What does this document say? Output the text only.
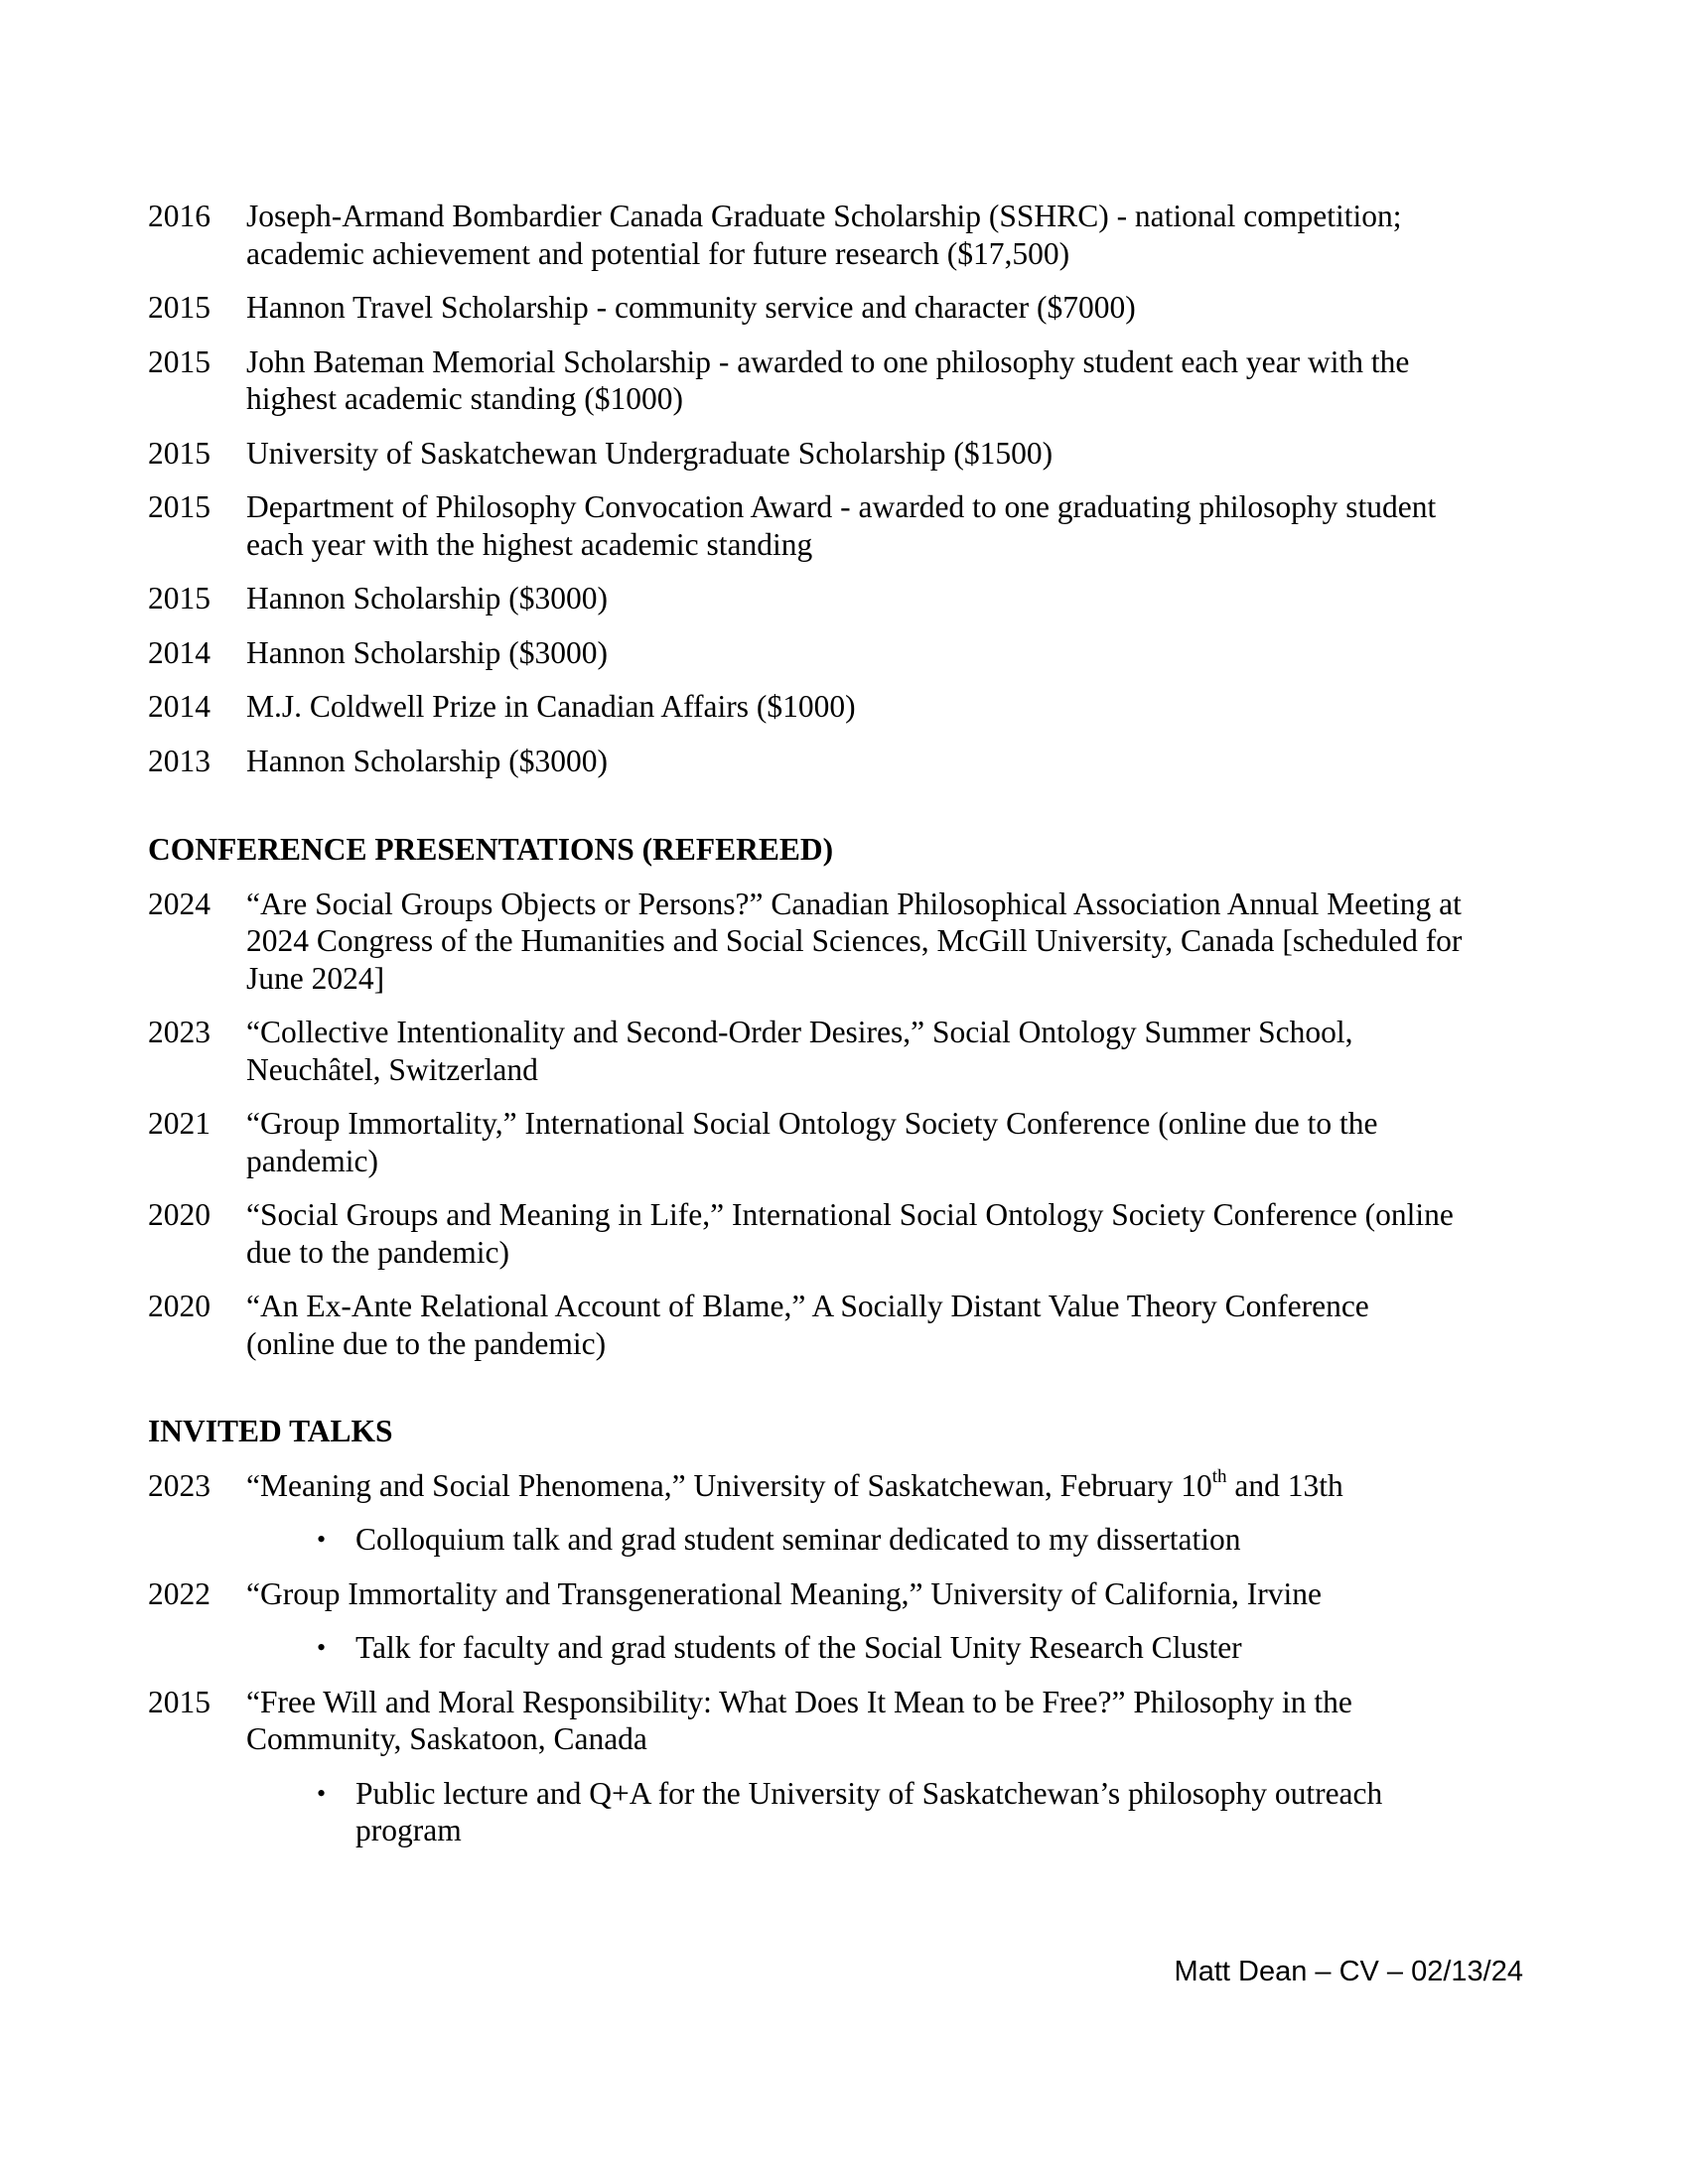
2016	Joseph-Armand Bombardier Canada Graduate Scholarship (SSHRC) - national competition;
academic achievement and potential for future research ($17,500)
2015	Hannon Travel Scholarship - community service and character ($7000)
2015	John Bateman Memorial Scholarship - awarded to one philosophy student each year with the
highest academic standing ($1000)
2015	University of Saskatchewan Undergraduate Scholarship ($1500)
2015	Department of Philosophy Convocation Award - awarded to one graduating philosophy student
each year with the highest academic standing
2015	Hannon Scholarship ($3000)
2014	Hannon Scholarship ($3000)
2014	M.J. Coldwell Prize in Canadian Affairs ($1000)
2013	Hannon Scholarship ($3000)
CONFERENCE PRESENTATIONS (REFEREED)
2024	“Are Social Groups Objects or Persons?” Canadian Philosophical Association Annual Meeting at
2024 Congress of the Humanities and Social Sciences, McGill University, Canada [scheduled for
June 2024]
2023	“Collective Intentionality and Second-Order Desires,” Social Ontology Summer School,
Neuchâtel, Switzerland
2021	“Group Immortality,” International Social Ontology Society Conference (online due to the
pandemic)
2020	“Social Groups and Meaning in Life,” International Social Ontology Society Conference (online
due to the pandemic)
2020	“An Ex-Ante Relational Account of Blame,” A Socially Distant Value Theory Conference
(online due to the pandemic)
INVITED TALKS
2023	“Meaning and Social Phenomena,” University of Saskatchewan, February 10th and 13th
• Colloquium talk and grad student seminar dedicated to my dissertation
2022	“Group Immortality and Transgenerational Meaning,” University of California, Irvine
• Talk for faculty and grad students of the Social Unity Research Cluster
2015	“Free Will and Moral Responsibility: What Does It Mean to be Free?” Philosophy in the
Community, Saskatoon, Canada
• Public lecture and Q+A for the University of Saskatchewan’s philosophy outreach
program
Matt Dean – CV – 02/13/24
